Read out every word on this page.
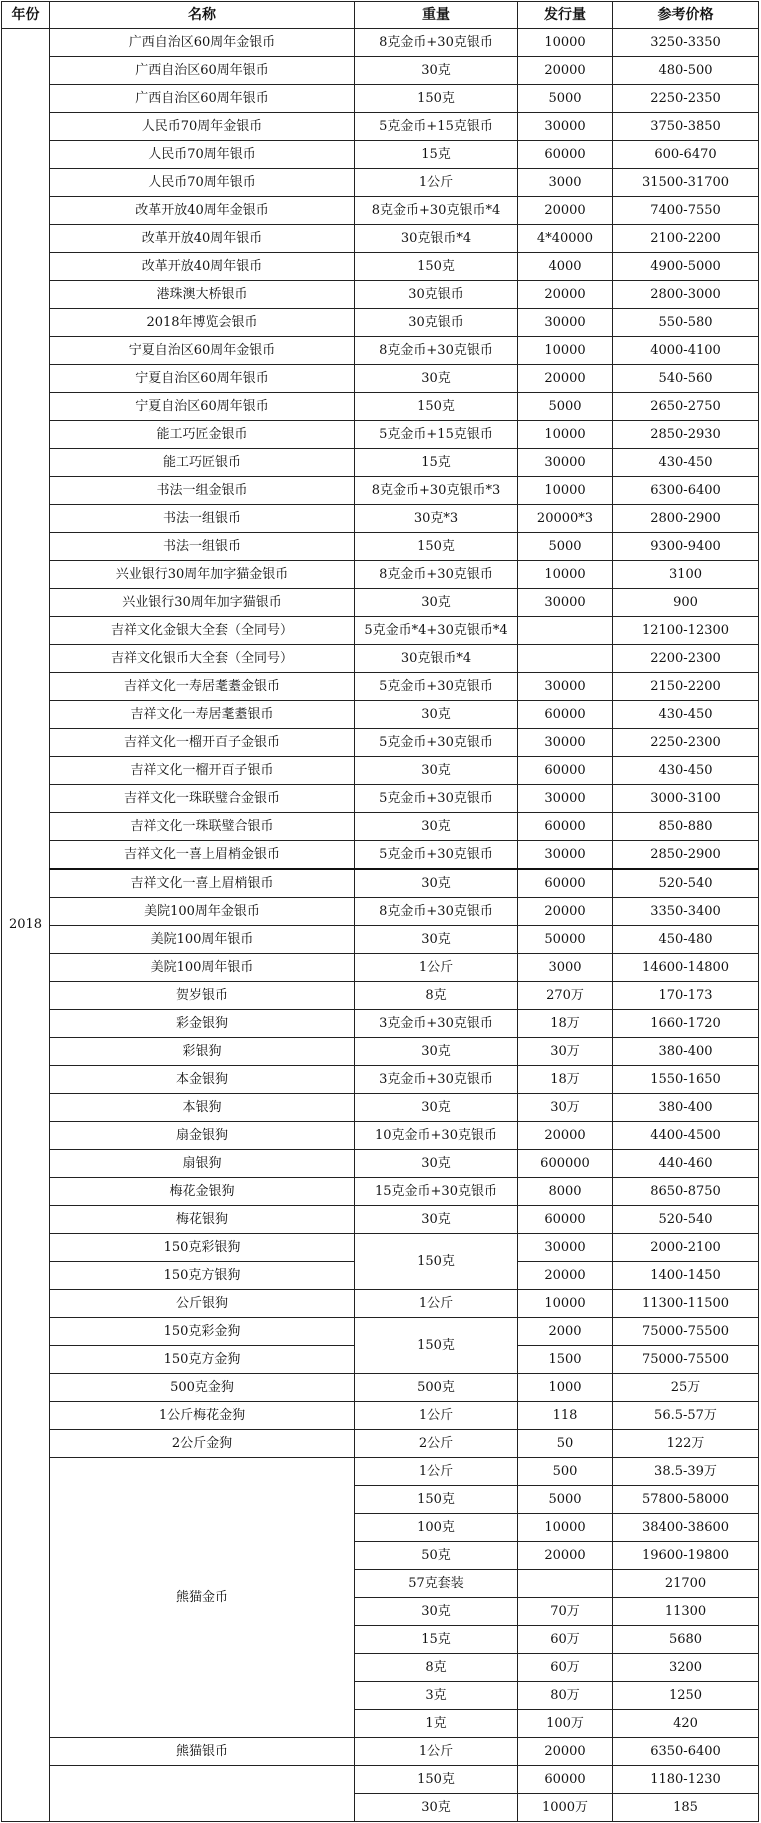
年份	名称	重量	发行量	参考价格
2018	广西自治区60周年金银币	8克金币+30克银币	10000	3250-3350
	广西自治区60周年银币	30克	20000	480-500
	广西自治区60周年银币	150克	5000	2250-2350
	人民币70周年金银币	5克金币+15克银币	30000	3750-3850
	人民币70周年银币	15克	60000	600-6470
	人民币70周年银币	1公斤	3000	31500-31700
	改革开放40周年金银币	8克金币+30克银币*4	20000	7400-7550
	改革开放40周年银币	30克银币*4	4*40000	2100-2200
	改革开放40周年银币	150克	4000	4900-5000
	港珠澳大桥银币	30克银币	20000	2800-3000
	2018年博览会银币	30克银币	30000	550-580
	宁夏自治区60周年金银币	8克金币+30克银币	10000	4000-4100
	宁夏自治区60周年银币	30克	20000	540-560
	宁夏自治区60周年银币	150克	5000	2650-2750
	能工巧匠金银币	5克金币+15克银币	10000	2850-2930
	能工巧匠银币	15克	30000	430-450
	书法一组金银币	8克金币+30克银币*3	10000	6300-6400
	书法一组银币	30克*3	20000*3	2800-2900
	书法一组银币	150克	5000	9300-9400
	兴业银行30周年加字猫金银币	8克金币+30克银币	10000	3100
	兴业银行30周年加字猫银币	30克	30000	900
	吉祥文化金银大全套（全同号）	5克金币*4+30克银币*4		12100-12300
	吉祥文化银币大全套（全同号）	30克银币*4		2200-2300
	吉祥文化一寿居耄耋金银币	5克金币+30克银币	30000	2150-2200
	吉祥文化一寿居耄耋银币	30克	60000	430-450
	吉祥文化一榴开百子金银币	5克金币+30克银币	30000	2250-2300
	吉祥文化一榴开百子银币	30克	60000	430-450
	吉祥文化一珠联璧合金银币	5克金币+30克银币	30000	3000-3100
	吉祥文化一珠联璧合银币	30克	60000	850-880
	吉祥文化一喜上眉梢金银币	5克金币+30克银币	30000	2850-2900
	吉祥文化一喜上眉梢银币	30克	60000	520-540
	美院100周年金银币	8克金币+30克银币	20000	3350-3400
	美院100周年银币	30克	50000	450-480
	美院100周年银币	1公斤	3000	14600-14800
	贺岁银币	8克	270万	170-173
	彩金银狗	3克金币+30克银币	18万	1660-1720
	彩银狗	30克	30万	380-400
	本金银狗	3克金币+30克银币	18万	1550-1650
	本银狗	30克	30万	380-400
	扇金银狗	10克金币+30克银币	20000	4400-4500
	扇银狗	30克	600000	440-460
	梅花金银狗	15克金币+30克银币	8000	8650-8750
	梅花银狗	30克	60000	520-540
	150克彩银狗	150克	30000	2000-2100
	150克方银狗		20000	1400-1450
	公斤银狗	1公斤	10000	11300-11500
	150克彩金狗	150克	2000	75000-75500
	150克方金狗		1500	75000-75500
	500克金狗	500克	1000	25万
	1公斤梅花金狗	1公斤	118	56.5-57万
	2公斤金狗	2公斤	50	122万
	熊猫金币	1公斤	500	38.5-39万
		150克	5000	57800-58000
		100克	10000	38400-38600
		50克	20000	19600-19800
		57克套装		21700
		30克	70万	11300
		15克	60万	5680
		8克	60万	3200
		3克	80万	1250
		1克	100万	420
	熊猫银币	1公斤	20000	6350-6400
		150克	60000	1180-1230
		30克	1000万	185
